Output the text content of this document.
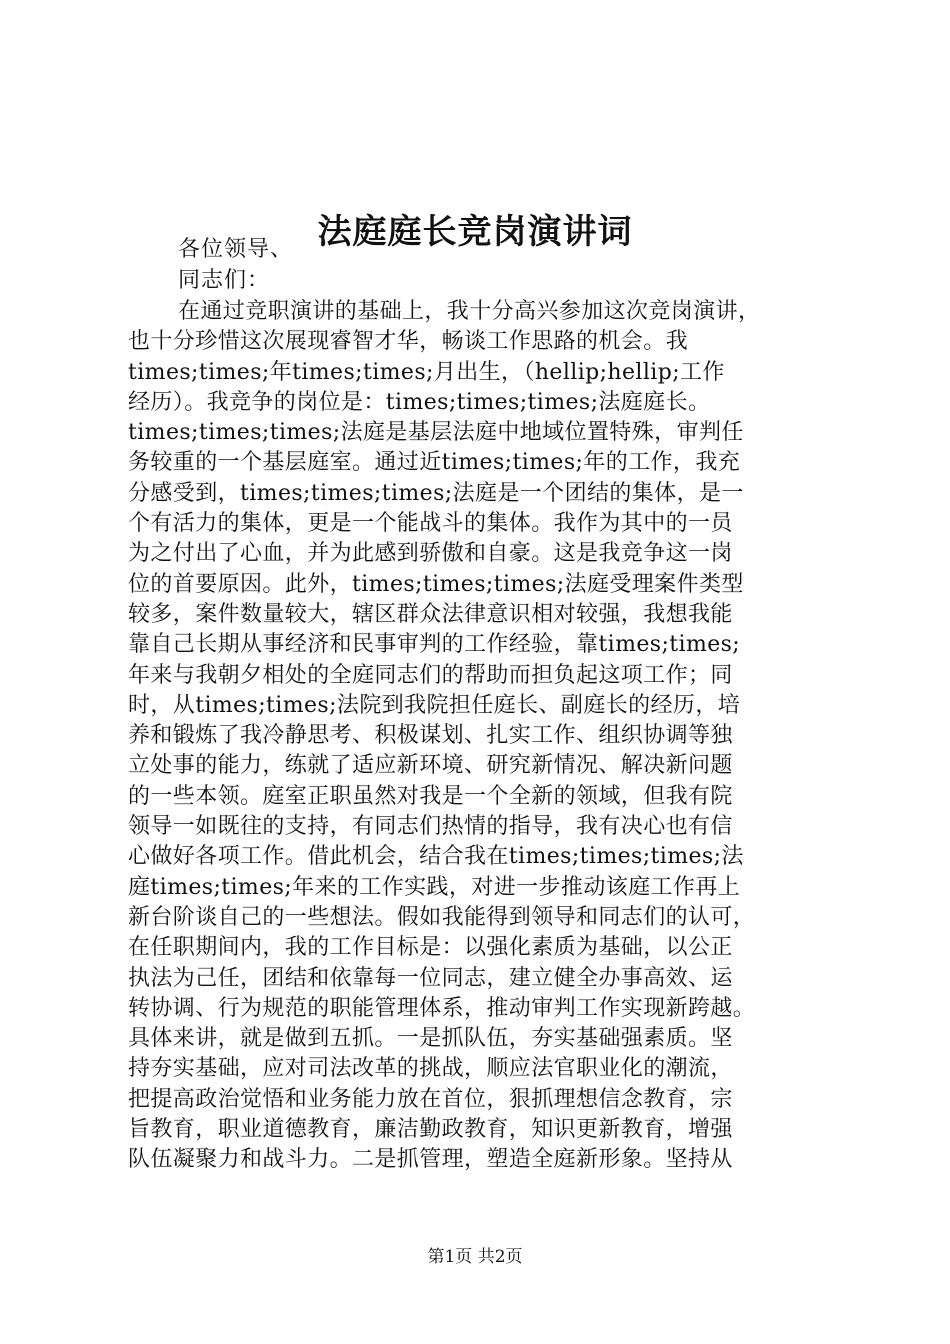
法庭庭长竞岗演讲词
各位领导、
同志们：
在通过竞职演讲的基础上，我十分高兴参加这次竞岗演讲，
也十分珍惜这次展现睿智才华，畅谈工作思路的机会。我
times;times;年times;times;月出生，（hellip;hellip;工作
经历）。我竞争的岗位是：times;times;times;法庭庭长。
times;times;times;法庭是基层法庭中地域位置特殊，审判任
务较重的一个基层庭室。通过近times;times;年的工作，我充
分感受到，times;times;times;法庭是一个团结的集体，是一
个有活力的集体，更是一个能战斗的集体。我作为其中的一员
为之付出了心血，并为此感到骄傲和自豪。这是我竞争这一岗
位的首要原因。此外，times;times;times;法庭受理案件类型
较多，案件数量较大，辖区群众法律意识相对较强，我想我能
靠自己长期从事经济和民事审判的工作经验，靠times;times;
年来与我朝夕相处的全庭同志们的帮助而担负起这项工作；同
时，从times;times;法院到我院担任庭长、副庭长的经历，培
养和锻炼了我冷静思考、积极谋划、扎实工作、组织协调等独
立处事的能力，练就了适应新环境、研究新情况、解决新问题
的一些本领。庭室正职虽然对我是一个全新的领域，但我有院
领导一如既往的支持，有同志们热情的指导，我有决心也有信
心做好各项工作。借此机会，结合我在times;times;times;法
庭times;times;年来的工作实践，对进一步推动该庭工作再上
新台阶谈自己的一些想法。假如我能得到领导和同志们的认可，
在任职期间内，我的工作目标是：以强化素质为基础，以公正
执法为己任，团结和依靠每一位同志，建立健全办事高效、运
转协调、行为规范的职能管理体系，推动审判工作实现新跨越。
具体来讲，就是做到五抓。一是抓队伍，夯实基础强素质。坚
持夯实基础，应对司法改革的挑战，顺应法官职业化的潮流，
把提高政治觉悟和业务能力放在首位，狠抓理想信念教育，宗
旨教育，职业道德教育，廉洁勤政教育，知识更新教育，增强
队伍凝聚力和战斗力。二是抓管理，塑造全庭新形象。坚持从
第1页 共2页
